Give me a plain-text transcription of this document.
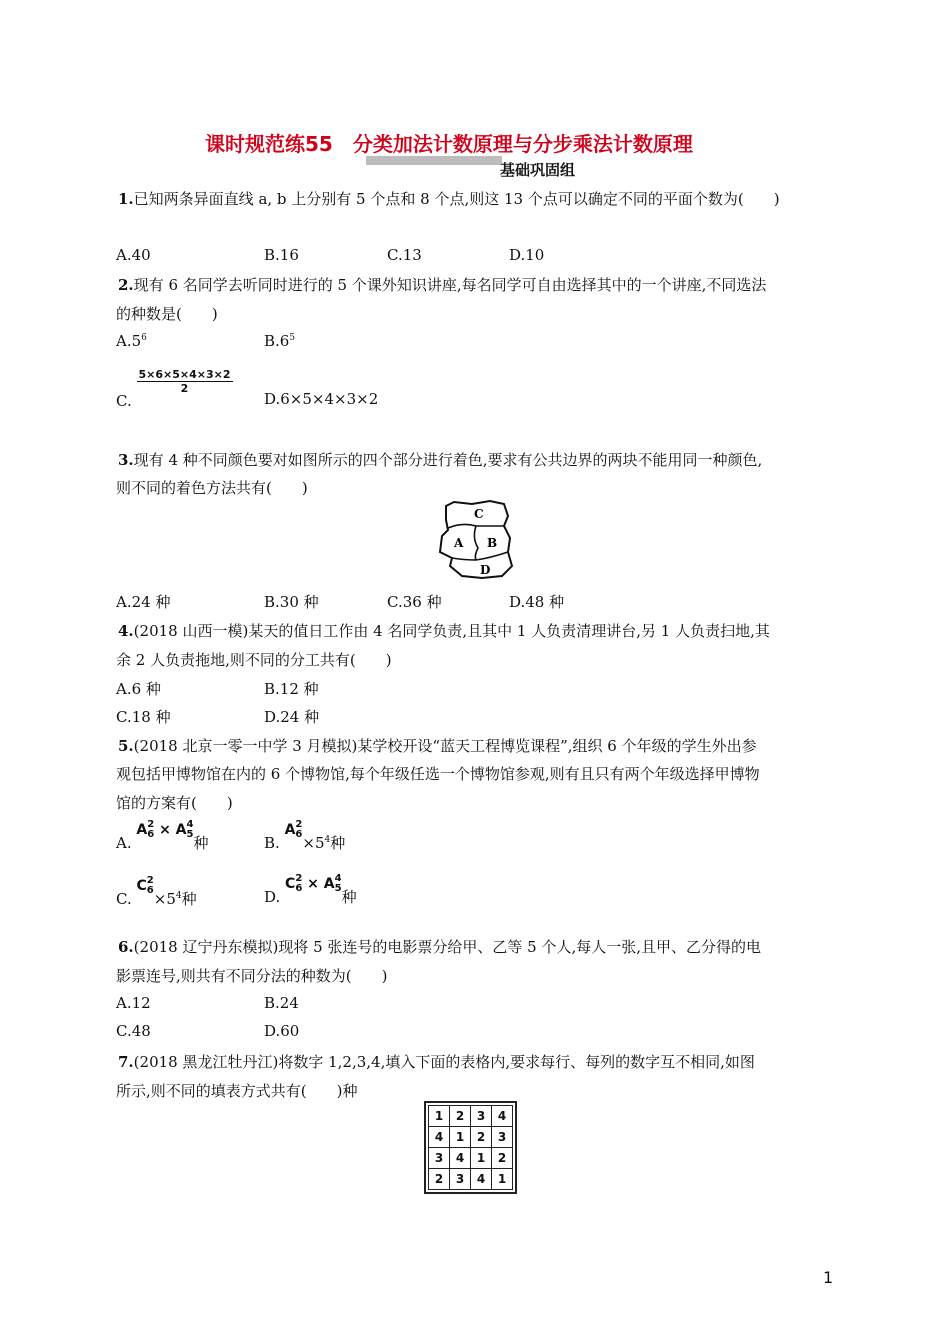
课时规范练55　分类加法计数原理与分步乘法计数原理
基础巩固组
1.已知两条异面直线 a, b 上分别有 5 个点和 8 个点,则这 13 个点可以确定不同的平面个数为(　　)
A.40	B.16	C.13	D.10
2.现有 6 名同学去听同时进行的 5 个课外知识讲座,每名同学可自由选择其中的一个讲座,不同选法
的种数是(　　)
$A.5^6$	$B.6^5$
C.
$\frac{5\times 6\times 5\times 4\times 3\times 2}{2}$
D.6×5×4×3×2
3.现有 4 种不同颜色要对如图所示的四个部分进行着色,要求有公共边界的两块不能用同一种颜色,
则不同的着色方法共有(　　)
C
A B
D
A.24 种	B.30 种	C.36 种	D.48 种
4.(2018 山西一模)某天的值日工作由 4 名同学负责,且其中 1 人负责清理讲台,另 1 人负责扫地,其
余 2 人负责拖地,则不同的分工共有(　　)
A.6 种	B.12 种
C.18 种	D.24 种
5.(2018 北京一零一中学 3 月模拟)某学校开设“蓝天工程博览课程”,组织 6 个年级的学生外出参
观包括甲博物馆在内的 6 个博物馆,每个年级任选一个博物馆参观,则有且只有两个年级选择甲博物
馆的方案有(　　)
A. A 2
6 × A 4
5 种	B. A 2
$6 \times 5^4$种
C. C 2
$6 \times 5^4$种	D. C 2
6 × A 4
5 种
6.(2018 辽宁丹东模拟)现将 5 张连号的电影票分给甲、乙等 5 个人,每人一张,且甲、乙分得的电
影票连号,则共有不同分法的种数为(　　)
A.12	B.24
C.48	D.60
7.(2018 黑龙江牡丹江)将数字 1,2,3,4,填入下面的表格内,要求每行、每列的数字互不相同,如图
所示,则不同的填表方式共有(　　)种
1	2	3	4
4	1	2	3
3	4	1	2
2	3	4	1
1
